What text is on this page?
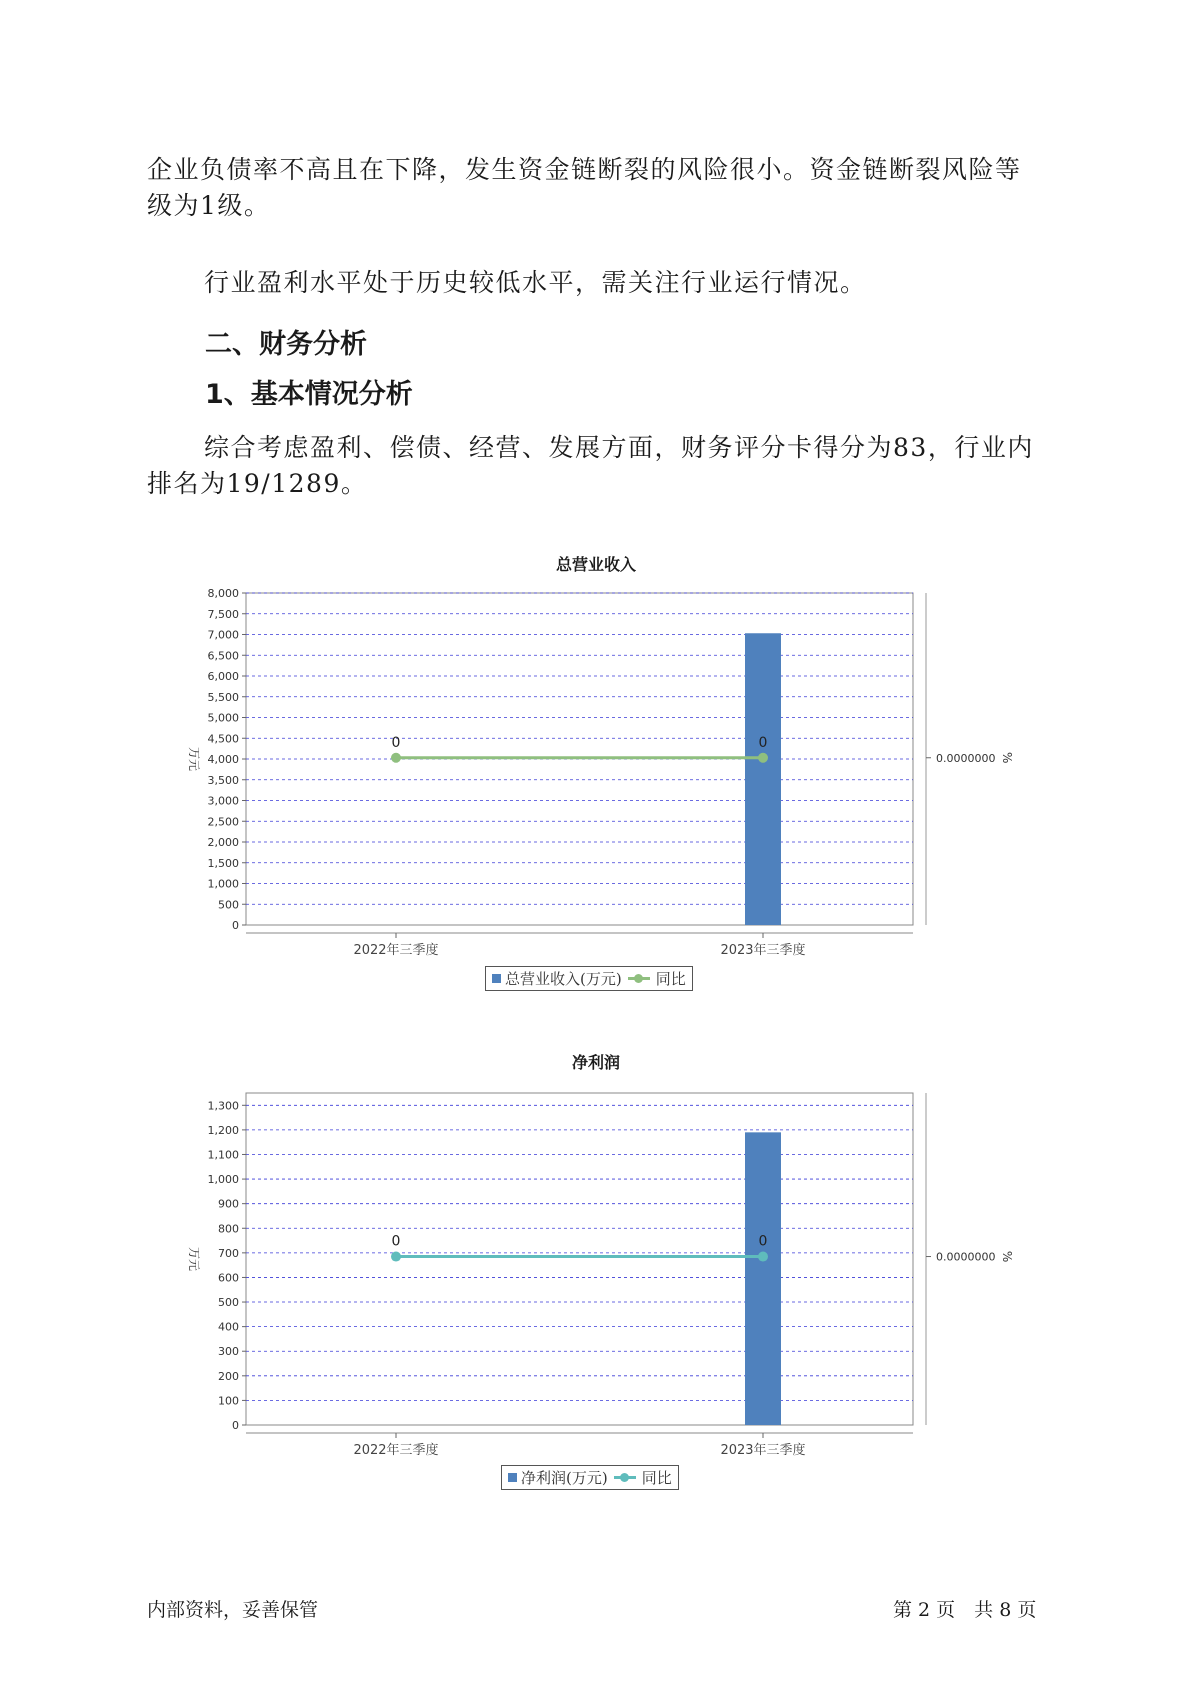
企业负债率不高且在下降，发生资金链断裂的风险很小。资金链断裂风险等级为1级。

行业盈利水平处于历史较低水平，需关注行业运行情况。

二、财务分析
1、基本情况分析

综合考虑盈利、偿债、经营、发展方面，财务评分卡得分为83，行业内排名为19/1289。

总营业收入
0
500
1,000
1,500
2,000
2,500
3,000
3,500
4,000
4,500
5,000
5,500
6,000
6,500
7,000
7,500
8,000
万元	0.0000000 %
2022年三季度	2023年三季度
0	0
总营业收入(万元) 同比
净利润
0
100
200
300
400
500
600
700
800
900
1,000
1,100
1,200
1,300
万元	0.0000000 %
2022年三季度	2023年三季度
0	0
净利润(万元) 同比
内部资料，妥善保管	第 2 页　共 8 页
